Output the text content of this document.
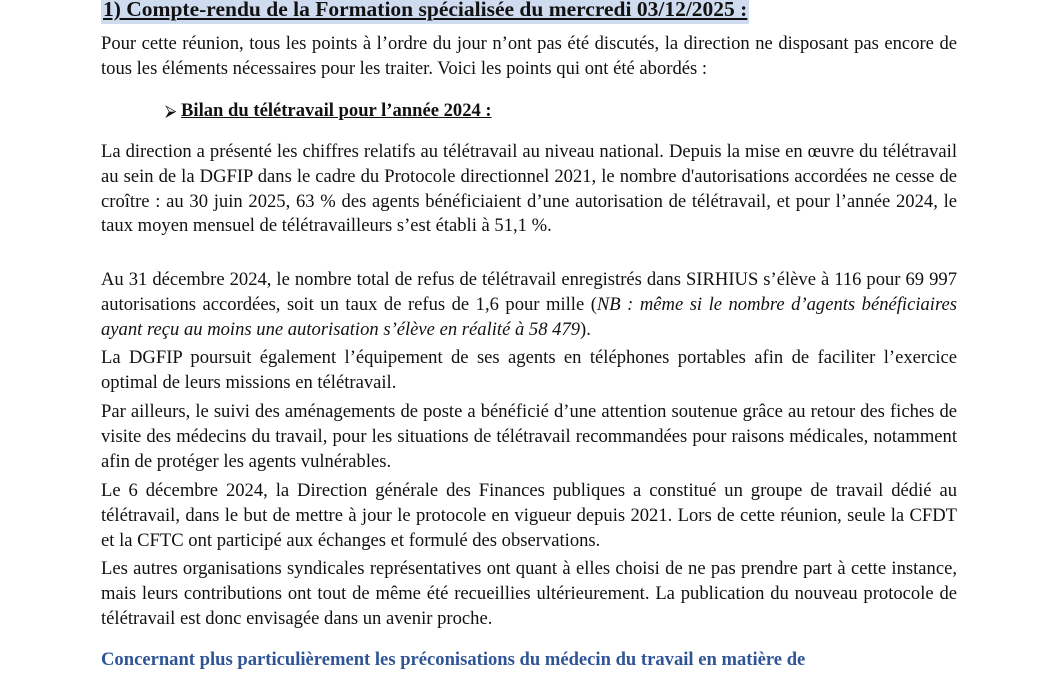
1) Compte-rendu de la Formation spécialisée du mercredi 03/12/2025 :

Pour cette réunion, tous les points à l’ordre du jour n’ont pas été discutés, la direction ne disposant pas encore de tous les éléments nécessaires pour les traiter. Voici les points qui ont été abordés :

⮚ Bilan du télétravail pour l’année 2024 :

La direction a présenté les chiffres relatifs au télétravail au niveau national. Depuis la mise en œuvre du télétravail au sein de la DGFIP dans le cadre du Protocole directionnel 2021, le nombre d'autorisations accordées ne cesse de croître : au 30 juin 2025, 63 % des agents bénéficiaient d’une autorisation de télétravail, et pour l’année 2024, le taux moyen mensuel de télétravailleurs s’est établi à 51,1 %.

Au 31 décembre 2024, le nombre total de refus de télétravail enregistrés dans SIRHIUS s’élève à 116 pour 69 997 autorisations accordées, soit un taux de refus de 1,6 pour mille (NB : même si le nombre d’agents bénéficiaires ayant reçu au moins une autorisation s’élève en réalité à 58 479).

La DGFIP poursuit également l’équipement de ses agents en téléphones portables afin de faciliter l’exercice optimal de leurs missions en télétravail.

Par ailleurs, le suivi des aménagements de poste a bénéficié d’une attention soutenue grâce au retour des fiches de visite des médecins du travail, pour les situations de télétravail recommandées pour raisons médicales, notamment afin de protéger les agents vulnérables.

Le 6 décembre 2024, la Direction générale des Finances publiques a constitué un groupe de travail dédié au télétravail, dans le but de mettre à jour le protocole en vigueur depuis 2021. Lors de cette réunion, seule la CFDT et la CFTC ont participé aux échanges et formulé des observations.

Les autres organisations syndicales représentatives ont quant à elles choisi de ne pas prendre part à cette instance, mais leurs contributions ont tout de même été recueillies ultérieurement. La publication du nouveau protocole de télétravail est donc envisagée dans un avenir proche.

Concernant plus particulièrement les préconisations du médecin du travail en matière de
